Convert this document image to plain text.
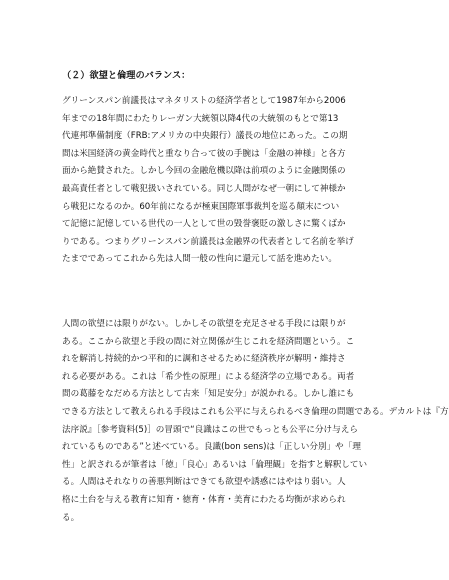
（２）欲望と倫理のバランス：
グリーンスパン前議長はマネタリストの経済学者として1987年から2006
年までの18年間にわたりレーガン大統領以降4代の大統領のもとで第13
代連邦準備制度（FRB:アメリカの中央銀行）議長の地位にあった。この期
間は米国経済の黄金時代と重なり合って彼の手腕は「金融の神様」と各方
面から絶賛された。しかし今回の金融危機以降は前項のように金融関係の
最高責任者として戦犯扱いされている。同じ人間がなぜ一朝にして神様か
ら戦犯になるのか。60年前になるが極東国際軍事裁判を巡る顛末につい
て記憶に記憶している世代の一人として世の毀誉褒貶の激しさに驚くばか
りである。つまりグリーンスパン前議長は金融界の代表者として名前を挙げ
たまでであってこれから先は人間一般の性向に還元して話を進めたい。
人間の欲望には限りがない。しかしその欲望を充足させる手段には限りが
ある。ここから欲望と手段の間に対立関係が生じこれを経済問題という。こ
れを解消し持続的かつ平和的に調和させるために経済秩序が解明・維持さ
れる必要がある。これは「希少性の原理」による経済学の立場である。両者
間の葛藤をなだめる方法として古来「知足安分」が説かれる。しかし誰にも
できる方法として教えられる手段はこれも公平に与えられるべき倫理の問題である。デカルトは『方
法序説』［参考資料(5)］の冒頭で“良識はこの世でもっとも公平に分け与えら
れているものである”と述べている。良識(bon sens)は「正しい分別」や「理
性」と訳されるが筆者は「徳」「良心」あるいは「倫理観」を指すと解釈してい
る。人間はそれなりの善悪判断はできても欲望や誘惑にはやはり弱い。人
格に土台を与える教育に知育・徳育・体育・美育にわたる均衡が求められ
る。
